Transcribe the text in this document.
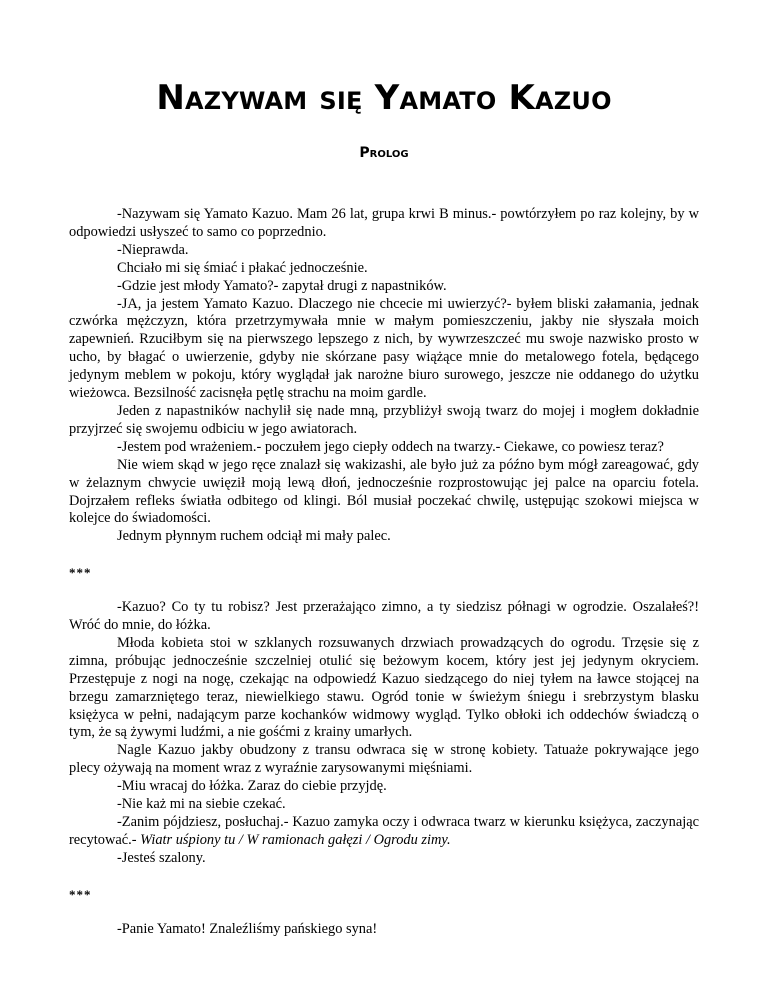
Nazywam się Yamato Kazuo
Prolog

-Nazywam się Yamato Kazuo. Mam 26 lat, grupa krwi B minus.- powtórzyłem po raz kolejny, by w odpowiedzi usłyszeć to samo co poprzednio.

-Nieprawda.

Chciało mi się śmiać i płakać jednocześnie.

-Gdzie jest młody Yamato?- zapytał drugi z napastników.

-JA, ja jestem Yamato Kazuo. Dlaczego nie chcecie mi uwierzyć?- byłem bliski załamania, jednak czwórka mężczyzn, która przetrzymywała mnie w małym pomieszczeniu, jakby nie słyszała moich zapewnień. Rzuciłbym się na pierwszego lepszego z nich, by wywrzeszczeć mu swoje nazwisko prosto w ucho, by błagać o uwierzenie, gdyby nie skórzane pasy wiążące mnie do metalowego fotela, będącego jedynym meblem w pokoju, który wyglądał jak narożne biuro surowego, jeszcze nie oddanego do użytku wieżowca. Bezsilność zacisnęła pętlę strachu na moim gardle.

Jeden z napastników nachylił się nade mną, przybliżył swoją twarz do mojej i mogłem dokładnie przyjrzeć się swojemu odbiciu w jego awiatorach.

-Jestem pod wrażeniem.- poczułem jego ciepły oddech na twarzy.- Ciekawe, co powiesz teraz?

Nie wiem skąd w jego ręce znalazł się wakizashi, ale było już za późno bym mógł zareagować, gdy w żelaznym chwycie uwięził moją lewą dłoń, jednocześnie rozprostowując jej palce na oparciu fotela. Dojrzałem refleks światła odbitego od klingi. Ból musiał poczekać chwilę, ustępując szokowi miejsca w kolejce do świadomości.

Jednym płynnym ruchem odciął mi mały palec.

***

-Kazuo? Co ty tu robisz? Jest przerażająco zimno, a ty siedzisz półnagi w ogrodzie. Oszalałeś?! Wróć do mnie, do łóżka.

Młoda kobieta stoi w szklanych rozsuwanych drzwiach prowadzących do ogrodu. Trzęsie się z zimna, próbując jednocześnie szczelniej otulić się beżowym kocem, który jest jej jedynym okryciem. Przestępuje z nogi na nogę, czekając na odpowiedź Kazuo siedzącego do niej tyłem na ławce stojącej na brzegu zamarzniętego teraz, niewielkiego stawu. Ogród tonie w świeżym śniegu i srebrzystym blasku księżyca w pełni, nadającym parze kochanków widmowy wygląd. Tylko obłoki ich oddechów świadczą o tym, że są żywymi ludźmi, a nie gośćmi z krainy umarłych.

Nagle Kazuo jakby obudzony z transu odwraca się w stronę kobiety. Tatuaże pokrywające jego plecy ożywają na moment wraz z wyraźnie zarysowanymi mięśniami.

-Miu wracaj do łóżka. Zaraz do ciebie przyjdę.

-Nie każ mi na siebie czekać.

-Zanim pójdziesz, posłuchaj.- Kazuo zamyka oczy i odwraca twarz w kierunku księżyca, zaczynając recytować.- Wiatr uśpiony tu / W ramionach gałęzi / Ogrodu zimy.

-Jesteś szalony.

***

-Panie Yamato! Znaleźliśmy pańskiego syna!
